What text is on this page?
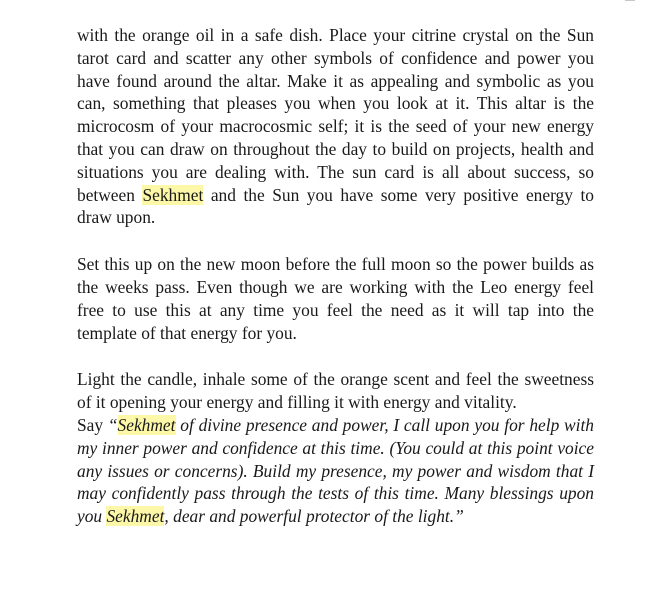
with the orange oil in a safe dish. Place your citrine crystal on the Sun tarot card and scatter any other symbols of confidence and power you have found around the altar. Make it as appealing and symbolic as you can, something that pleases you when you look at it. This altar is the microcosm of your macrocosmic self; it is the seed of your new energy that you can draw on throughout the day to build on projects, health and situations you are dealing with. The sun card is all about success, so between Sekhmet and the Sun you have some very positive energy to draw upon.

Set this up on the new moon before the full moon so the power builds as the weeks pass. Even though we are working with the Leo energy feel free to use this at any time you feel the need as it will tap into the template of that energy for you.

Light the candle, inhale some of the orange scent and feel the sweetness of it opening your energy and filling it with energy and vitality.

Say “Sekhmet of divine presence and power, I call upon you for help with my inner power and confidence at this time. (You could at this point voice any issues or concerns). Build my presence, my power and wisdom that I may confidently pass through the tests of this time. Many blessings upon you Sekhmet, dear and powerful protector of the light.”
